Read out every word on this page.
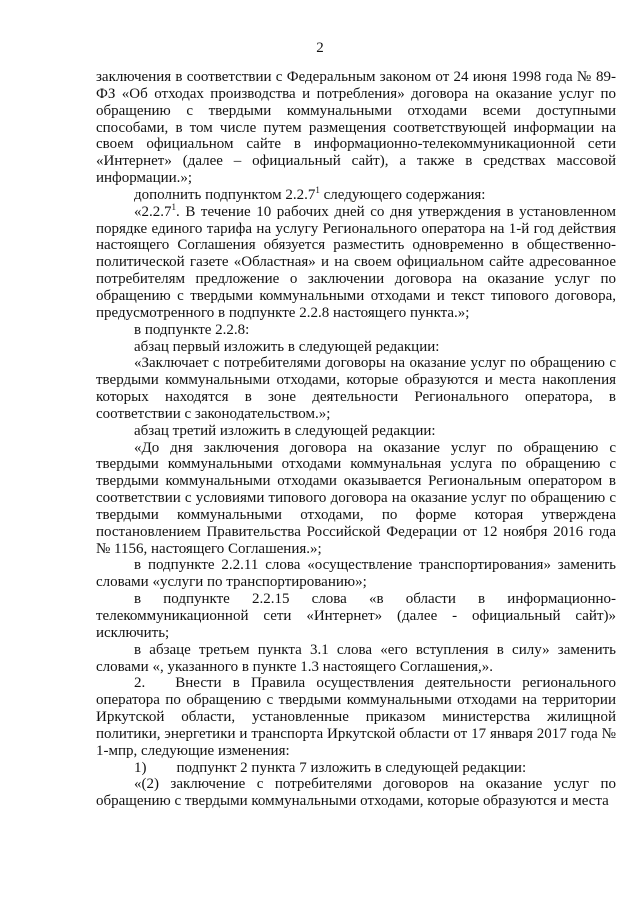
2

заключения в соответствии с Федеральным законом от 24 июня 1998 года № 89-ФЗ «Об отходах производства и потребления» договора на оказание услуг по обращению с твердыми коммунальными отходами всеми доступными способами, в том числе путем размещения соответствующей информации на своем официальном сайте в информационно-телекоммуникационной сети «Интернет» (далее – официальный сайт), а также в средствах массовой информации.»;

дополнить подпунктом 2.2.7$^1$ следующего содержания:

«2.2.7$^1$. В течение 10 рабочих дней со дня утверждения в установленном порядке единого тарифа на услугу Регионального оператора на 1-й год действия настоящего Соглашения обязуется разместить одновременно в общественно-политической газете «Областная» и на своем официальном сайте адресованное потребителям предложение о заключении договора на оказание услуг по обращению с твердыми коммунальными отходами и текст типового договора, предусмотренного в подпункте 2.2.8 настоящего пункта.»;

в подпункте 2.2.8:

абзац первый изложить в следующей редакции:

«Заключает с потребителями договоры на оказание услуг по обращению с твердыми коммунальными отходами, которые образуются и места накопления которых находятся в зоне деятельности Регионального оператора, в соответствии с законодательством.»;

абзац третий изложить в следующей редакции:

«До дня заключения договора на оказание услуг по обращению с твердыми коммунальными отходами коммунальная услуга по обращению с твердыми коммунальными отходами оказывается Региональным оператором в соответствии с условиями типового договора на оказание услуг по обращению с твердыми коммунальными отходами, по форме которая утверждена постановлением Правительства Российской Федерации от 12 ноября 2016 года № 1156, настоящего Соглашения.»;

в подпункте 2.2.11 слова «осуществление транспортирования» заменить словами «услуги по транспортированию»;

в подпункте 2.2.15 слова «в области в информационно-телекоммуникационной сети «Интернет» (далее - официальный сайт)» исключить;

в абзаце третьем пункта 3.1 слова «его вступления в силу» заменить словами «, указанного в пункте 1.3 настоящего Соглашения,».

2.  Внести в Правила осуществления деятельности регионального оператора по обращению с твердыми коммунальными отходами на территории Иркутской области, установленные приказом министерства жилищной политики, энергетики и транспорта Иркутской области от 17 января 2017 года № 1-мпр, следующие изменения:

1)  подпункт 2 пункта 7 изложить в следующей редакции:

«(2) заключение с потребителями договоров на оказание услуг по обращению с твердыми коммунальными отходами, которые образуются и места
